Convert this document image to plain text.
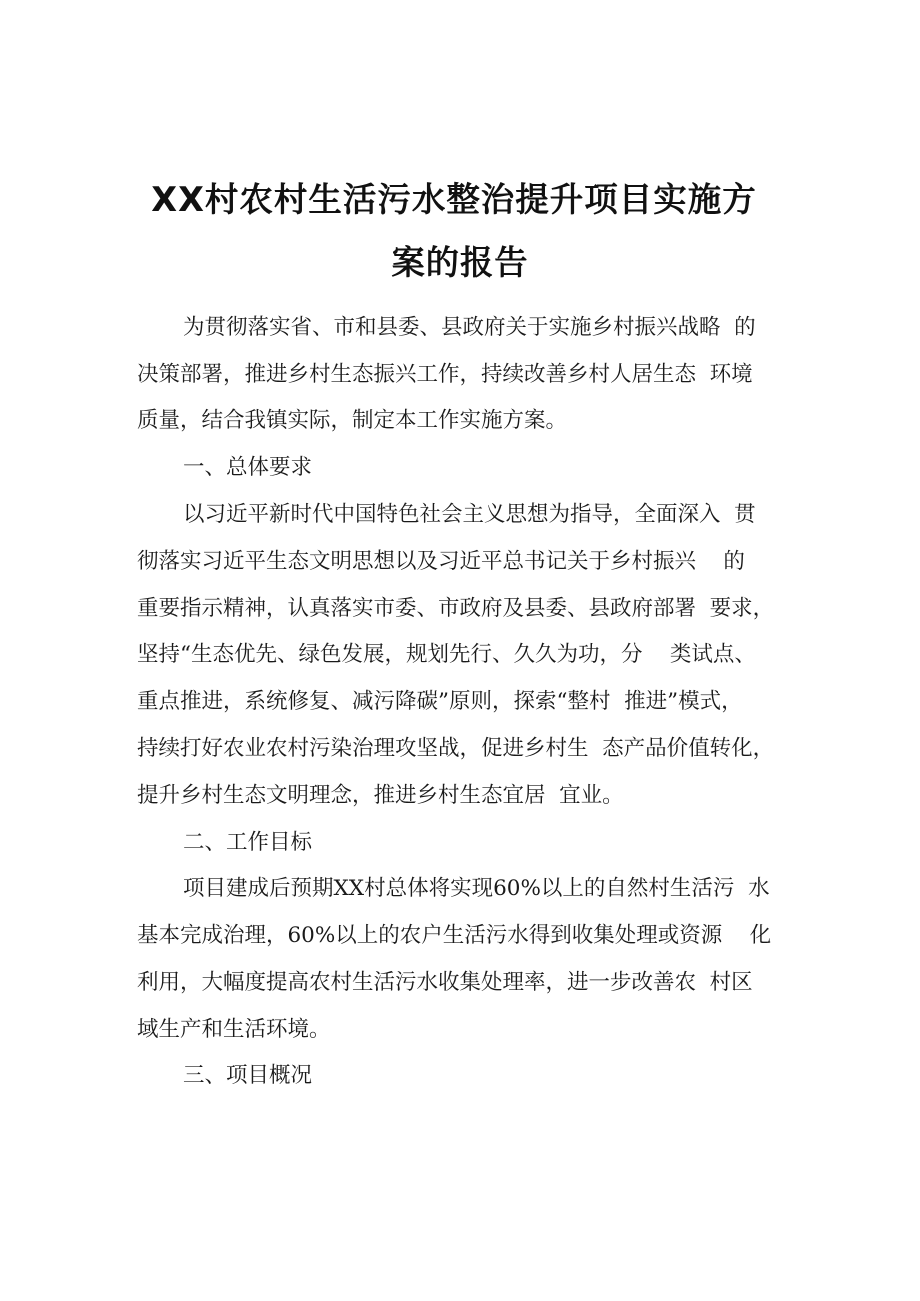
XX村农村生活污水整治提升项目实施方
案的报告
为贯彻落实省、市和县委、县政府关于实施乡村振兴战略  的
决策部署，推进乡村生态振兴工作，持续改善乡村人居生态  环境
质量，结合我镇实际，制定本工作实施方案。
一、总体要求
以习近平新时代中国特色社会主义思想为指导，全面深入  贯
彻落实习近平生态文明思想以及习近平总书记关于乡村振兴    的
重要指示精神，认真落实市委、市政府及县委、县政府部署  要求，
坚持“生态优先、绿色发展，规划先行、久久为功，分    类试点、
重点推进，系统修复、减污降碳”原则，探索“整村  推进”模式，
持续打好农业农村污染治理攻坚战，促进乡村生  态产品价值转化，
提升乡村生态文明理念，推进乡村生态宜居  宜业。
二、工作目标
项目建成后预期XX村总体将实现60%以上的自然村生活污  水
基本完成治理，60%以上的农户生活污水得到收集处理或资源    化
利用，大幅度提高农村生活污水收集处理率，进一步改善农  村区
域生产和生活环境。
三、项目概况
